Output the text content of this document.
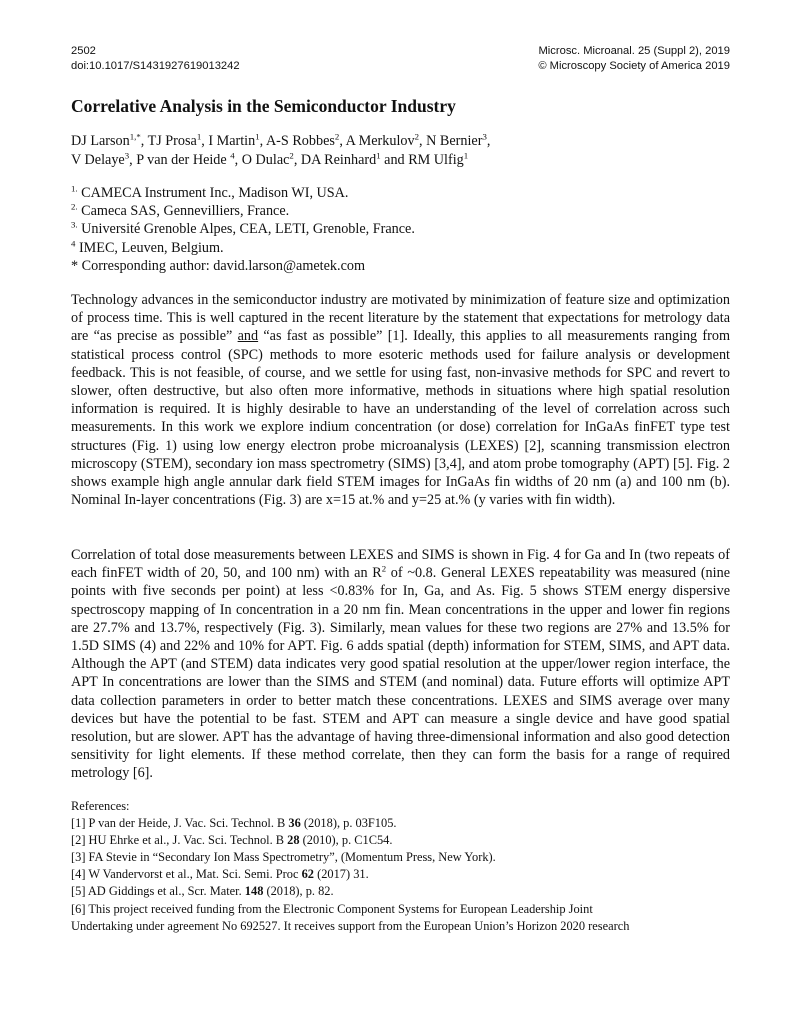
2502	Microsc. Microanal. 25 (Suppl 2), 2019
doi:10.1017/S1431927619013242	© Microscopy Society of America 2019
Correlative Analysis in the Semiconductor Industry
DJ Larson$^{1,*}$, TJ Prosa$^1$, I Martin$^1$, A-S Robbes$^2$, A Merkulov$^2$, N Bernier$^3$,
V Delaye$^3$, P van der Heide $^4$, O Dulac$^2$, DA Reinhard$^1$ and RM Ulfig$^1$
$^{1.}$ CAMECA Instrument Inc., Madison WI, USA.
$^{2.}$ Cameca SAS, Gennevilliers, France.
$^{3.}$ Université Grenoble Alpes, CEA, LETI, Grenoble, France.
$^4$ IMEC, Leuven, Belgium.
* Corresponding author: david.larson@ametek.com
Technology advances in the semiconductor industry are motivated by minimization of feature size and optimization of process time. This is well captured in the recent literature by the statement that expectations for metrology data are “as precise as possible” and “as fast as possible” [1]. Ideally, this applies to all measurements ranging from statistical process control (SPC) methods to more esoteric methods used for failure analysis or development feedback. This is not feasible, of course, and we settle for using fast, non-invasive methods for SPC and revert to slower, often destructive, but also often more informative, methods in situations where high spatial resolution information is required. It is highly desirable to have an understanding of the level of correlation across such measurements. In this work we explore indium concentration (or dose) correlation for InGaAs finFET type test structures (Fig. 1) using low energy electron probe microanalysis (LEXES) [2], scanning transmission electron microscopy (STEM), secondary ion mass spectrometry (SIMS) [3,4], and atom probe tomography (APT) [5]. Fig. 2 shows example high angle annular dark field STEM images for InGaAs fin widths of 20 nm (a) and 100 nm (b). Nominal In-layer concentrations (Fig. 3) are x=15 at.% and y=25 at.% (y varies with fin width).
Correlation of total dose measurements between LEXES and SIMS is shown in Fig. 4 for Ga and In (two repeats of each finFET width of 20, 50, and 100 nm) with an $R^2$ of ~0.8. General LEXES repeatability was measured (nine points with five seconds per point) at less <0.83% for In, Ga, and As. Fig. 5 shows STEM energy dispersive spectroscopy mapping of In concentration in a 20 nm fin. Mean concentrations in the upper and lower fin regions are 27.7% and 13.7%, respectively (Fig. 3). Similarly, mean values for these two regions are 27% and 13.5% for 1.5D SIMS (4) and 22% and 10% for APT. Fig. 6 adds spatial (depth) information for STEM, SIMS, and APT data. Although the APT (and STEM) data indicates very good spatial resolution at the upper/lower region interface, the APT In concentrations are lower than the SIMS and STEM (and nominal) data. Future efforts will optimize APT data collection parameters in order to better match these concentrations. LEXES and SIMS average over many devices but have the potential to be fast. STEM and APT can measure a single device and have good spatial resolution, but are slower. APT has the advantage of having three-dimensional information and also good detection sensitivity for light elements. If these method correlate, then they can form the basis for a range of required metrology [6].
References:
[1] P van der Heide, J. Vac. Sci. Technol. B 36 (2018), p. 03F105.
[2] HU Ehrke et al., J. Vac. Sci. Technol. B 28 (2010), p. C1C54.
[3] FA Stevie in “Secondary Ion Mass Spectrometry”, (Momentum Press, New York).
[4] W Vandervorst et al., Mat. Sci. Semi. Proc 62 (2017) 31.
[5] AD Giddings et al., Scr. Mater. 148 (2018), p. 82.
[6] This project received funding from the Electronic Component Systems for European Leadership Joint
Undertaking under agreement No 692527. It receives support from the European Union’s Horizon 2020 research
